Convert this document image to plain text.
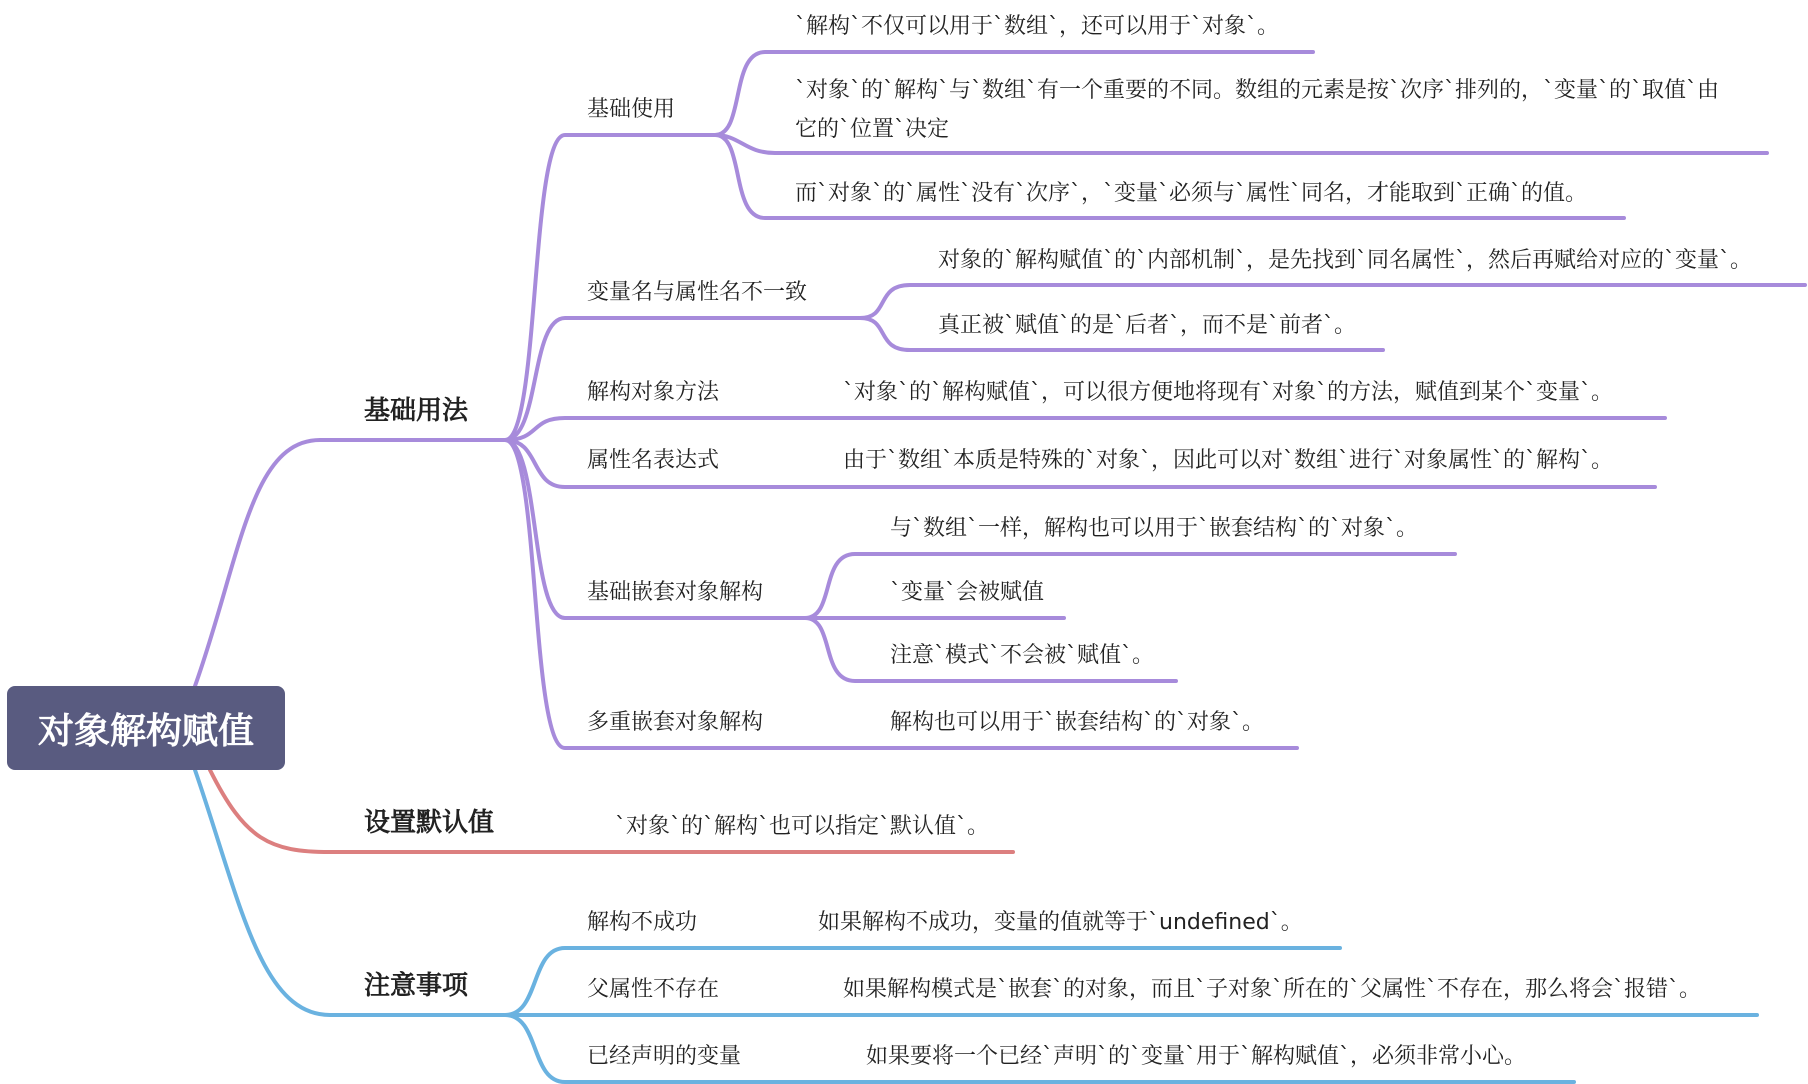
对象解构赋值
基础用法
设置默认值
注意事项
基础使用
变量名与属性名不一致
解构对象方法
属性名表达式
基础嵌套对象解构
多重嵌套对象解构
`解构`不仅可以用于`数组`，还可以用于`对象`。
`对象`的`解构`与`数组`有一个重要的不同。数组的元素是按`次序`排列的，`变量`的`取值`由
它的`位置`决定
而`对象`的`属性`没有`次序`，`变量`必须与`属性`同名，才能取到`正确`的值。
对象的`解构赋值`的`内部机制`，是先找到`同名属性`，然后再赋给对应的`变量`。
真正被`赋值`的是`后者`，而不是`前者`。
`对象`的`解构赋值`，可以很方便地将现有`对象`的方法，赋值到某个`变量`。
由于`数组`本质是特殊的`对象`，因此可以对`数组`进行`对象属性`的`解构`。
与`数组`一样，解构也可以用于`嵌套结构`的`对象`。
`变量`会被赋值
注意`模式`不会被`赋值`。
解构也可以用于`嵌套结构`的`对象`。
`对象`的`解构`也可以指定`默认值`。
解构不成功
父属性不存在
已经声明的变量
如果解构不成功，变量的值就等于`undefined`。
如果解构模式是`嵌套`的对象，而且`子对象`所在的`父属性`不存在，那么将会`报错`。
如果要将一个已经`声明`的`变量`用于`解构赋值`，必须非常小心。
